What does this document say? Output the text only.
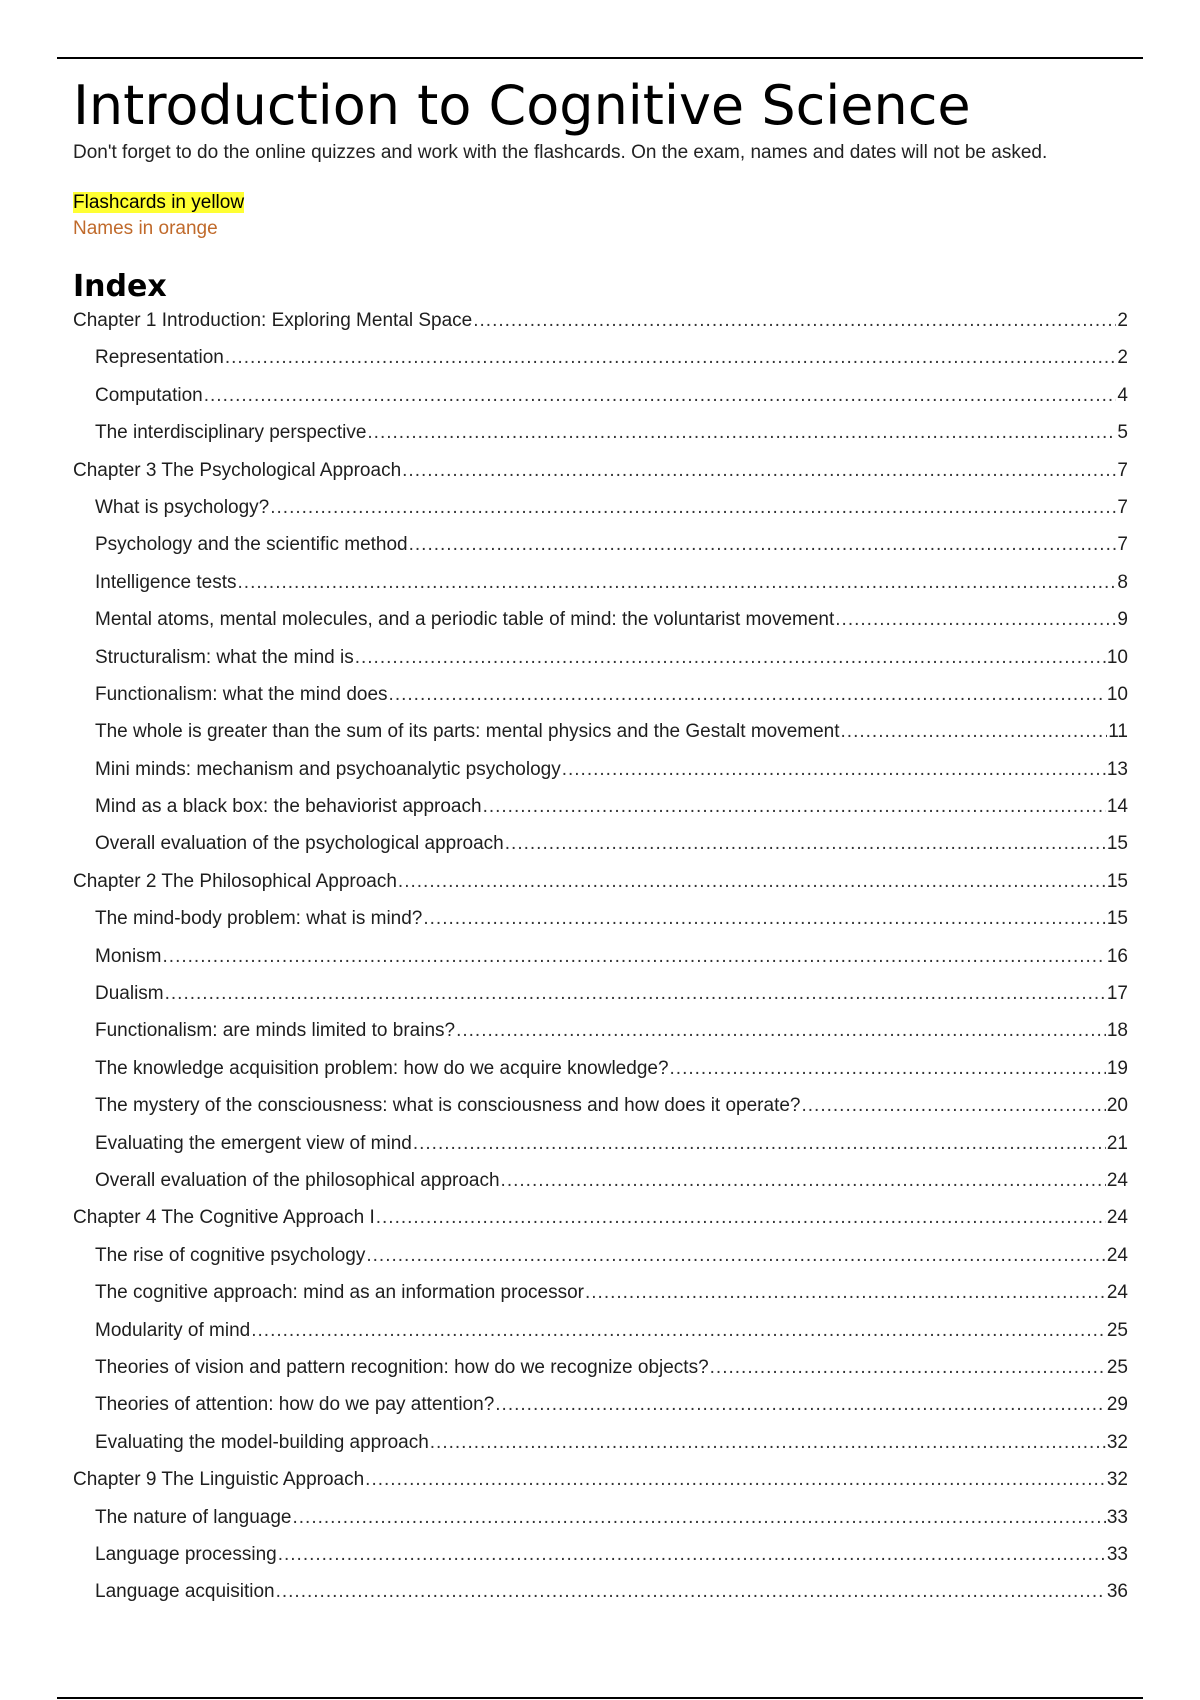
Introduction to Cognitive Science

Don't forget to do the online quizzes and work with the flashcards. On the exam, names and dates will not be asked.

Flashcards in yellow
Names in orange
Index
Chapter 1 Introduction: Exploring Mental Space .....	2
Representation .....	2
Computation .....	4
The interdisciplinary perspective .....	5
Chapter 3 The Psychological Approach .....	7
What is psychology? .....	7
Psychology and the scientific method .....	7
Intelligence tests .....	8
Mental atoms, mental molecules, and a periodic table of mind: the voluntarist movement .....	9
Structuralism: what the mind is .....	10
Functionalism: what the mind does .....	10
The whole is greater than the sum of its parts: mental physics and the Gestalt movement .....	11
Mini minds: mechanism and psychoanalytic psychology .....	13
Mind as a black box: the behaviorist approach .....	14
Overall evaluation of the psychological approach .....	15
Chapter 2 The Philosophical Approach .....	15
The mind-body problem: what is mind? .....	15
Monism .....	16
Dualism .....	17
Functionalism: are minds limited to brains? .....	18
The knowledge acquisition problem: how do we acquire knowledge? .....	19
The mystery of the consciousness: what is consciousness and how does it operate? .....	20
Evaluating the emergent view of mind .....	21
Overall evaluation of the philosophical approach .....	24
Chapter 4 The Cognitive Approach I .....	24
The rise of cognitive psychology .....	24
The cognitive approach: mind as an information processor .....	24
Modularity of mind .....	25
Theories of vision and pattern recognition: how do we recognize objects? .....	25
Theories of attention: how do we pay attention? .....	29
Evaluating the model-building approach .....	32
Chapter 9 The Linguistic Approach .....	32
The nature of language .....	33
Language processing .....	33
Language acquisition .....	36
